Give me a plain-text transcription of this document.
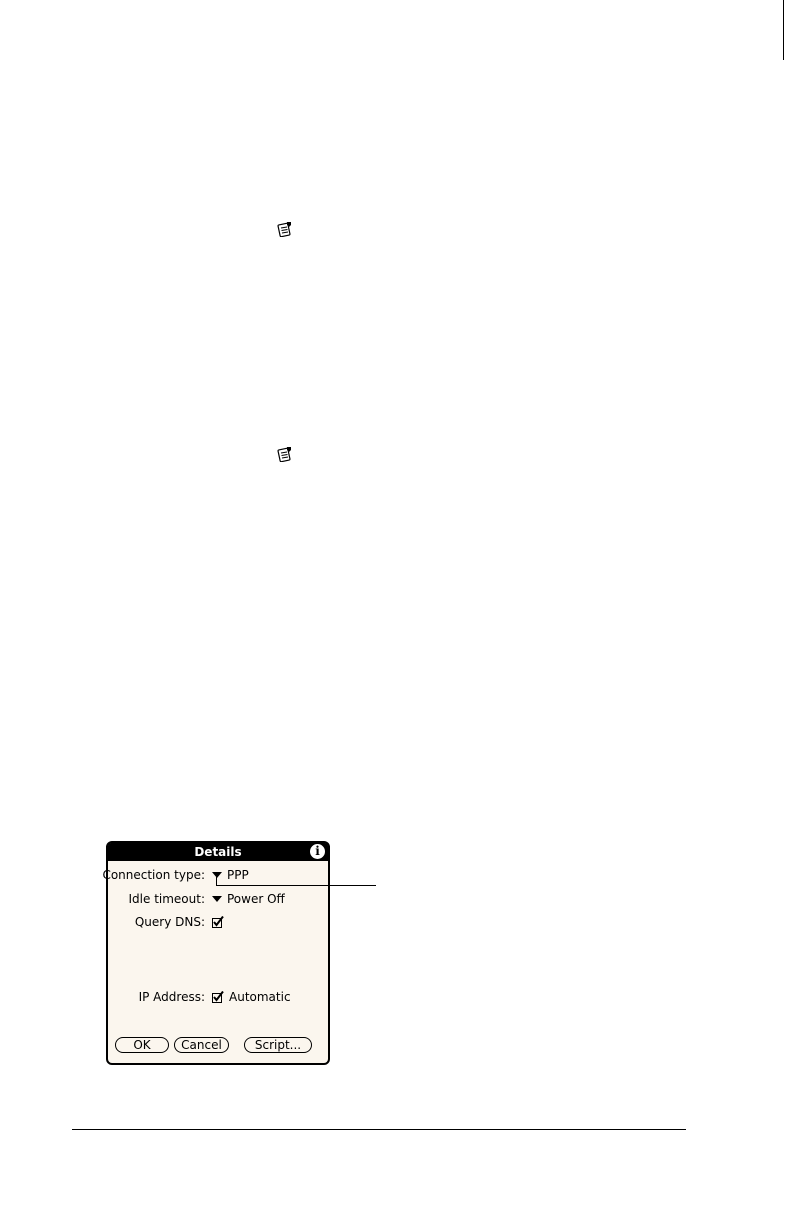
Details	i
Connection type:	PPP
Idle timeout:	Power Off
Query DNS:
IP Address:	Automatic
OK	Cancel	Script...
